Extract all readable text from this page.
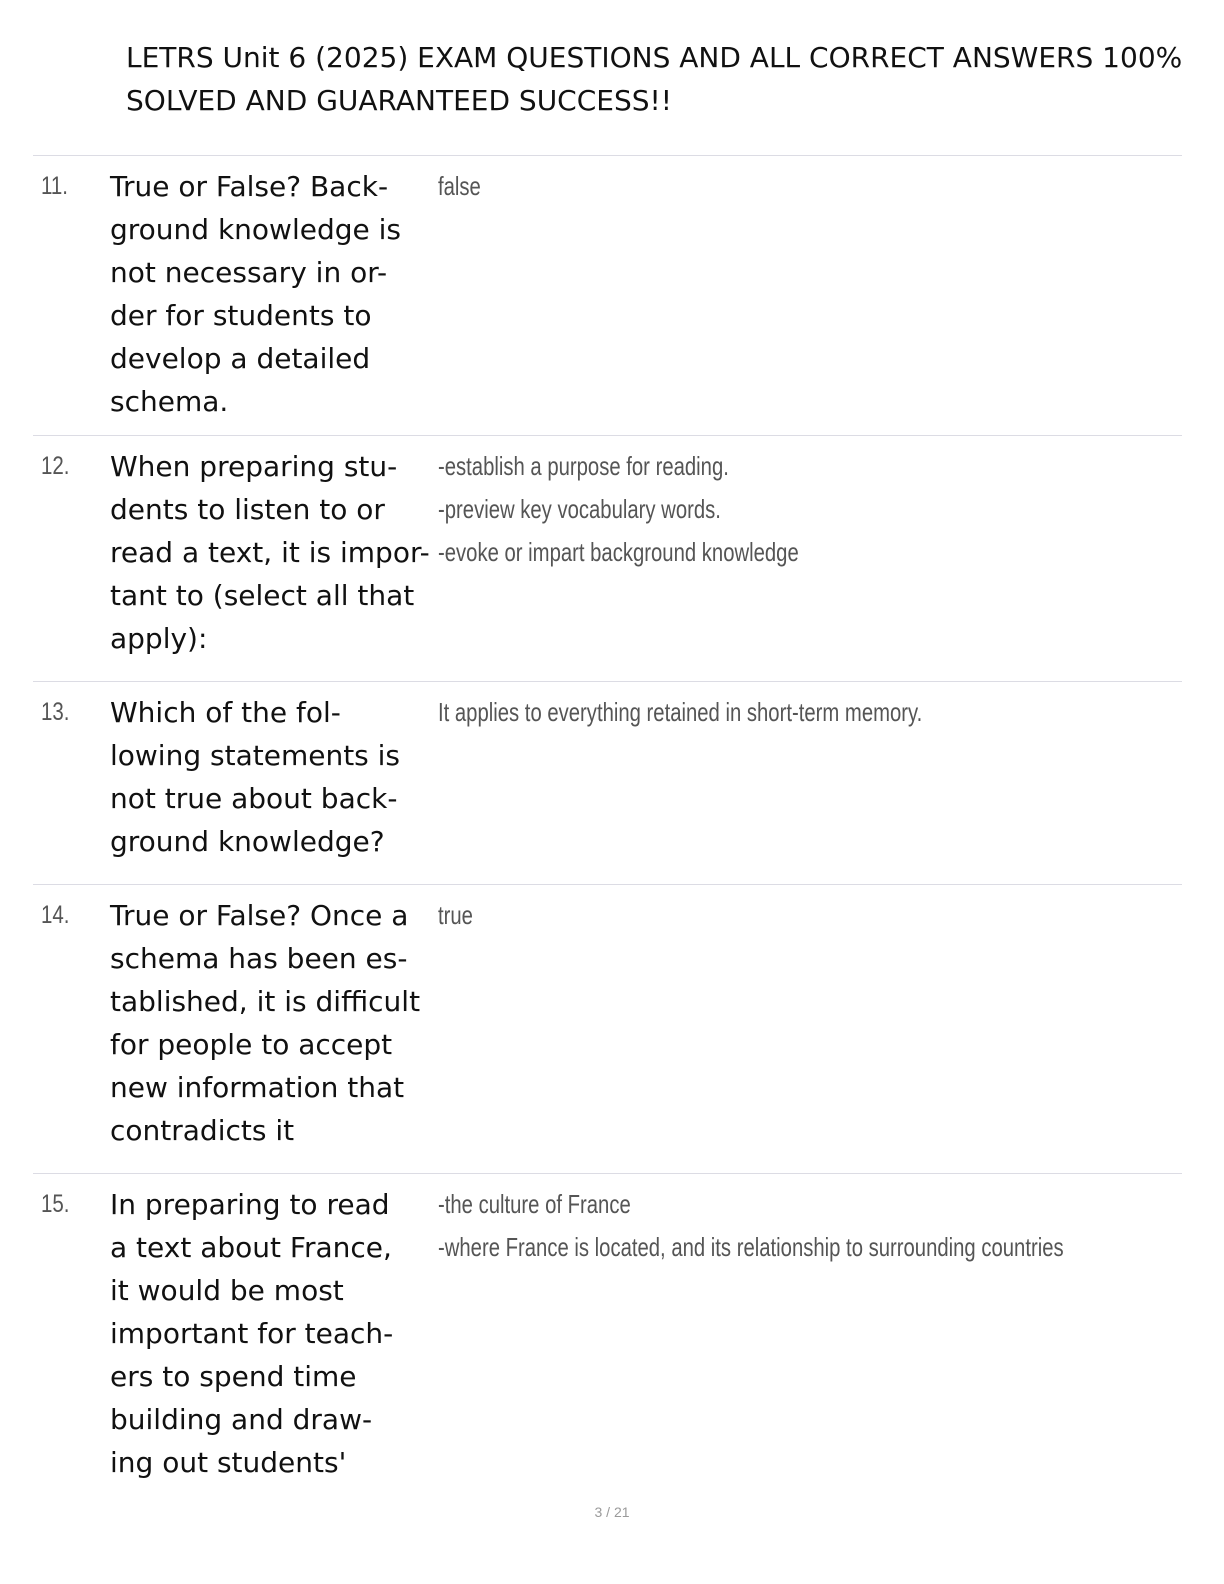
LETRS Unit 6 (2025) EXAM QUESTIONS AND ALL CORRECT ANSWERS 100%
SOLVED AND GUARANTEED SUCCESS!!
11. True or False? Back-
ground knowledge is
not necessary in or-
der for students to
develop a detailed
schema.
false
12. When preparing stu-
dents to listen to or
read a text, it is impor-
tant to (select all that
apply):
-establish a purpose for reading.
-preview key vocabulary words.
-evoke or impart background knowledge
13. Which of the fol-
lowing statements is
not true about back-
ground knowledge?
It applies to everything retained in short-term memory.
14. True or False? Once a
schema has been es-
tablished, it is difficult
for people to accept
new information that
contradicts it
true
15. In preparing to read
a text about France,
it would be most
important for teach-
ers to spend time
building and draw-
ing out students'
-the culture of France
-where France is located, and its relationship to surrounding countries
3 / 21
